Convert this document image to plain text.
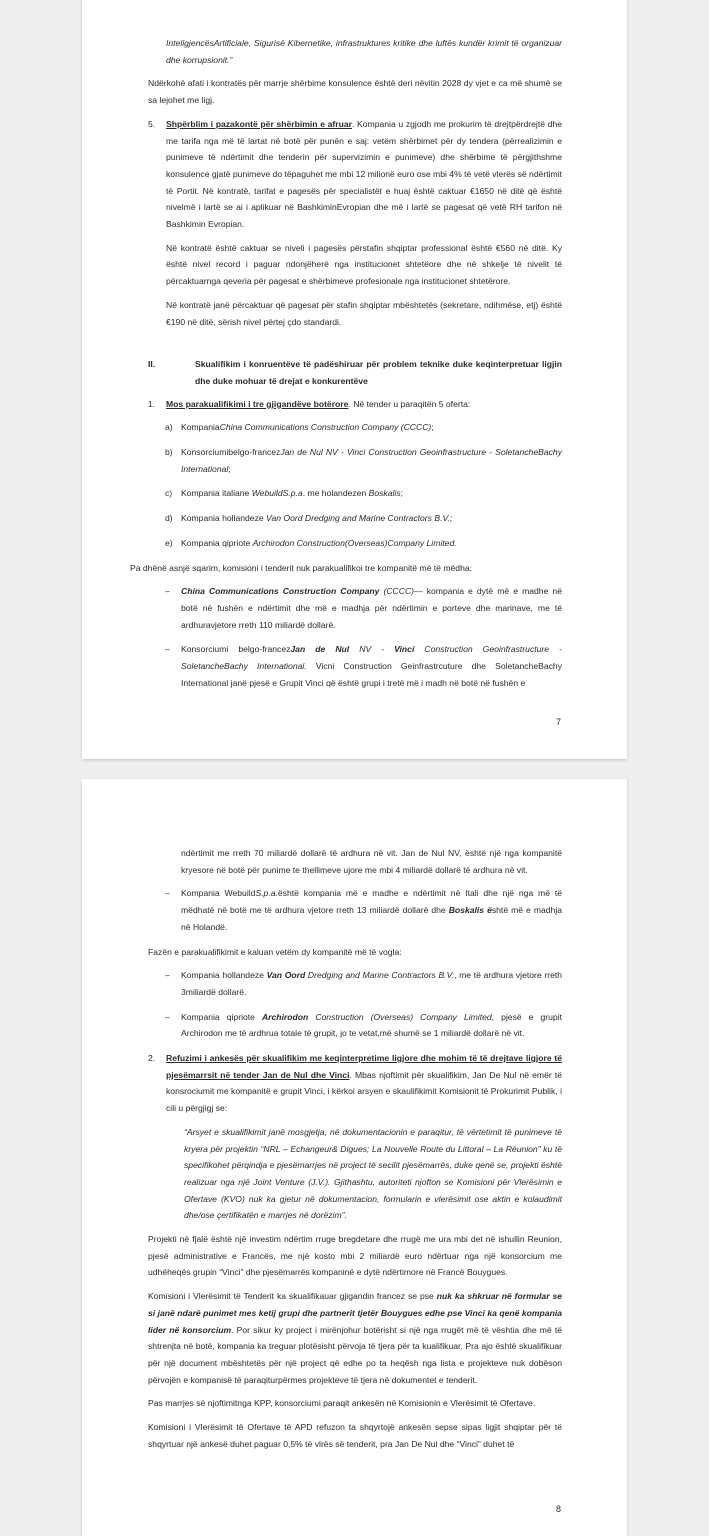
InteligjencësArtificiale, Sigurisë Kibernetike, infrastruktures kritike dhe luftës kundër krimit të organizuar dhe korrupsionit.”

Ndërkohë afati i kontratës për marrje shërbime konsulence është deri nëvitin 2028 dy vjet e ca më shumë se sa lejohet me ligj.

5. Shpërblim i pazakontë për shërbimin e afruar. Kompania u zgjodh me prokurim të drejtpërdrejtë dhe me tarifa nga më të lartat në botë për punën e saj: vetëm shërbimet për dy tendera (përrealizimin e punimeve të ndërtimit dhe tenderin për supervizimin e punimeve) dhe shërbime të përgjithshme konsulence gjatë punimeve do tëpaguhet me mbi 12 milionë euro ose mbi 4% të vetë vlerës së ndërtimit të Portit. Në kontratë, tarifat e pagesës për specialistët e huaj është caktuar €1650 në ditë që është nivelmë i lartë se ai i aplikuar në BashkiminEvropian dhe më i lartë se pagesat që vetë RH tarifon në Bashkimin Evropian.

Në kontratë është caktuar se niveli i pagesës përstafin shqiptar professional është €560 në ditë. Ky është nivel record i paguar ndonjëherë nga institucionet shtetëore dhe në shkelje të nivelit të përcaktuarnga qeveria për pagesat e shërbimeve profesionale nga institucionet shtetërore.

Në kontratë janë përcaktuar që pagesat për stafin shqiptar mbështetës (sekretare, ndihmëse, etj) është €190 në ditë, sërish nivel përtej çdo standardi.

II.	Skualifikim i konruentëve të padëshiruar për problem teknike duke keqinterpretuar ligjin dhe duke mohuar të drejat e konkurentëve

1. Mos parakualifikimi i tre gjigandëve botërore. Në tender u paraqitën 5 oferta:

a) KompaniaChina Communications Construction Company (CCCC);

b) Konsorciumibelgo-francezJan de Nul NV - Vinci Construction Geoinfrastructure - SoletancheBachy International;

c) Kompania italiane WebuildS.p.a. me holandezen Boskalis;

d) Kompania hollandeze Van Oord Dredging and Marine Contractors B.V.;

e) Kompania qipriote Archirodon Construction(Overseas)Company Limited.

Pa dhënë asnjë sqarim, komisioni i tenderit nuk parakualifikoi tre kompanitë më të mëdha:

– China Communications Construction Company (CCCC)— kompania e dytë më e madhe në botë në fushën e ndërtimit dhe më e madhja për ndërtimin e porteve dhe marinave, me të ardhuravjetore rreth 110 miliardë dollarë.

– Konsorciumi belgo-francezJan de Nul NV - Vinci Construction Geoinfrastructure - SoletancheBachy International. Vicni Construction Geinfrastrcuture dhe SoletancheBachy International janë pjesë e Grupit Vinci që është grupi i tretë më i madh në botë në fushën e

7

ndërtimit me rreth 70 miliardë dollarë të ardhura në vit. Jan de Nul NV, është një nga kompanitë kryesore në botë për punime te thellimeve ujore me mbi 4 miliardë dollarë të ardhura në vit.

– Kompania WebuildS.p.a.është kompania më e madhe e ndërtimit në Itali dhe një nga më të mëdhatë në botë me të ardhura vjetore rreth 13 miliardë dollarë dhe Boskalis është më e madhja në Holandë.

Fazën e parakualifikimit e kaluan vetëm dy kompanitë më të vogla:

– Kompania hollandeze Van Oord Dredging and Marine Contractors B.V., me të ardhura vjetore rreth 3miliardë dollarë.

– Kompania qipriote Archirodon Construction (Overseas) Company Limited, pjesë e grupit Archirodon me të ardhrua totale të grupit, jo te vetat,më shumë se 1 miliardë dollarë në vit.

2. Refuzimi i ankesës për skualifikim me keqinterpretime ligjore dhe mohim të të drejtave ligjore të pjesëmarrsit në tender Jan de Nul dhe Vinci. Mbas njoftimit për skualifikim, Jan De Nul në emër të konsrociumit me kompanitë e grupit Vinci, i kërkoi arsyen e skaulifikimit Komisionit të Prokurimit Publik, i cili u përgjigj se:

“Arsyet e skualifikimit janë mosgjetja, në dokumentacionin e paraqitur, të vërtetimit të punimeve të kryera për projektin “NRL – Echangeur& Digues; La Nouvelle Route du Littoral – La Réunion” ku të specifikohet përqindja e pjesëmarrjes në project të secilit pjesëmarrës, duke qenë se, projekti është realizuar nga një Joint Venture (J.V.). Gjithashtu, autoriteti njofton se Komisioni për Vlerësimin e Ofertave (KVO) nuk ka gjetur në dokumentacion, formularin e vlerësimit ose aktin e kolaudimit dhe/ose çertifikatën e marrjes në dorëzim”.

Projekti në fjalë është një investim ndërtim rruge bregdetare dhe rrugë me ura mbi det në ishullin Reunion, pjesë administrative e Francës, me një kosto mbi 2 miliardë euro ndërtuar nga një konsorcium me udhëheqës grupin “Vinci” dhe pjesëmarrës kompaninë e dytë ndërtimore në Francë Bouygues.

Komisioni i Vlerësimit të Tenderit ka skualifikauar gjigandin francez se pse nuk ka shkruar në formular se si janë ndarë punimet mes ketij grupi dhe partnerit tjetër Bouygues edhe pse Vinci ka qenë kompania lider në konsorcium. Por sikur ky project i mirënjohur botërisht si një nga rrugët më të vështia dhe më të shtrenjta në botë, kompania ka treguar plotësisht përvoja të tjera për ta kualifikuar. Pra ajo është skualifikuar për një document mbështetës për një project që edhe po ta heqësh nga lista e projekteve nuk dobëson përvojën e kompanisë të paraqiturpërmes projekteve të tjera në dokumentet e tenderit.

Pas marrjes së njoftimitnga KPP, konsorciumi paraqit ankesën në Komisionin e Vlerësimit të Ofertave.

Komisioni i Vlerësimit të Ofertave të APD refuzon ta shqyrtojë ankesën sepse sipas ligjit shqiptar për të shqyrtuar një ankesë duhet paguar 0,5% të vlrës së tenderit, pra Jan De Nul dhe “Vinci” duhet të

8
